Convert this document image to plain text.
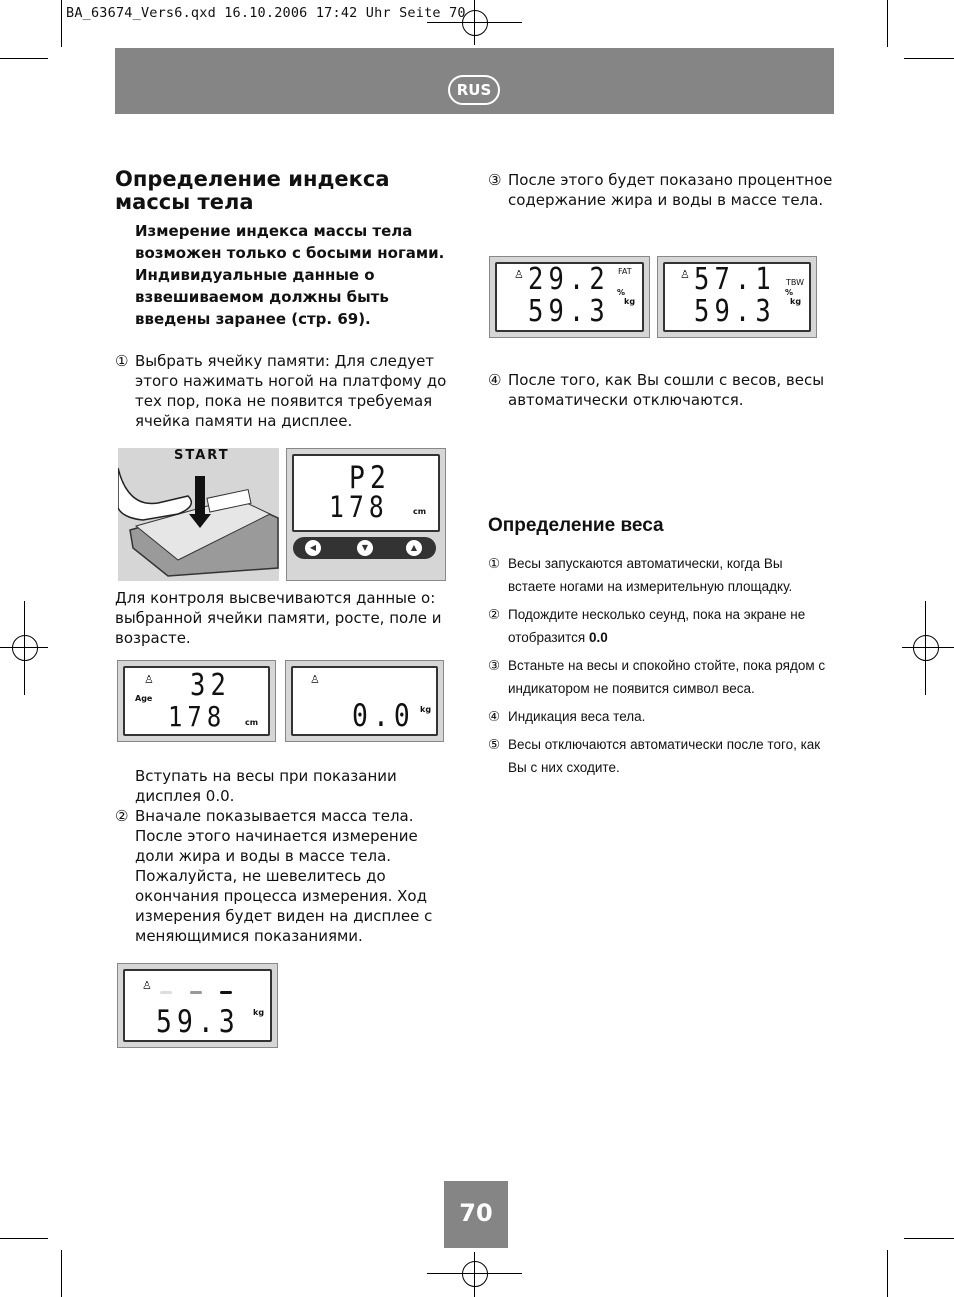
BA_63674_Vers6.qxd 16.10.2006 17:42 Uhr Seite 70
RUS
Определение индекса массы тела
Измерение индекса массы тела возможен только с босыми ногами. Индивидуальные данные о взвешиваемом должны быть введены заранее (стр. 69).
① Выбрать ячейку памяти: Для следует этого нажимать ногой на платфому до тех пор, пока не появится требуемая ячейка памяти на дисплее.
START
P2
178	cm
◀	▼	▲
Для контроля высвечиваются данные о: выбранной ячейки памяти, росте, поле и возрасте.
♙
Age 32
178 cm
♙
0.0 kg
Вступать на весы при показании дисплея 0.0.
② Вначале показывается масса тела. После этого начинается измерение доли жира и воды в массе тела. Пожалуйста, не шевелитесь до окончания процесса измерения. Ход измерения будет виден на дисплее с меняющимися показаниями.
♙
59.3 kg
③ После этого будет показано процентное содержание жира и воды в массе тела.
♙ 29.2
59.3
FAT
%
kg
♙ 57.1
59.3
TBW
%
kg
④ После того, как Вы сошли с весов, весы автоматически отключаются.
Определение веса
① Весы запускаются автоматически, когда Вы встаете ногами на измерительную площадку.
② Подождите несколько сеунд, пока на экране не отобразится 0.0
③ Встаньте на весы и спокойно стойте, пока рядом с индикатором не появится символ веса.
④ Индикация веса тела.
⑤ Весы отключаются автоматически после того, как Вы с них сходите.
70
